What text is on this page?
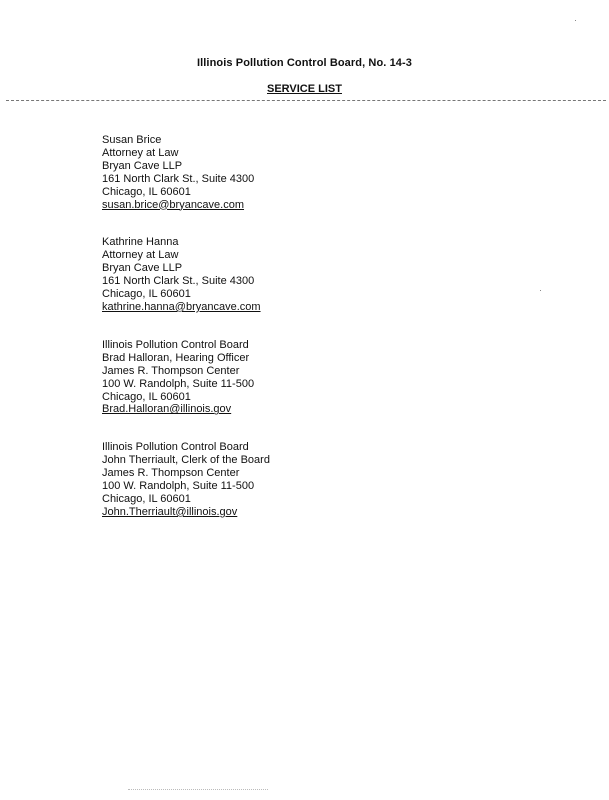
Illinois Pollution Control Board, No. 14-3
SERVICE LIST
Susan Brice
Attorney at Law
Bryan Cave LLP
161 North Clark St., Suite 4300
Chicago, IL 60601
susan.brice@bryancave.com
Kathrine Hanna
Attorney at Law
Bryan Cave LLP
161 North Clark St., Suite 4300
Chicago, IL 60601
kathrine.hanna@bryancave.com
Illinois Pollution Control Board
Brad Halloran, Hearing Officer
James R. Thompson Center
100 W. Randolph, Suite 11-500
Chicago, IL 60601
Brad.Halloran@illinois.gov
Illinois Pollution Control Board
John Therriault, Clerk of the Board
James R. Thompson Center
100 W. Randolph, Suite 11-500
Chicago, IL 60601
John.Therriault@illinois.gov
